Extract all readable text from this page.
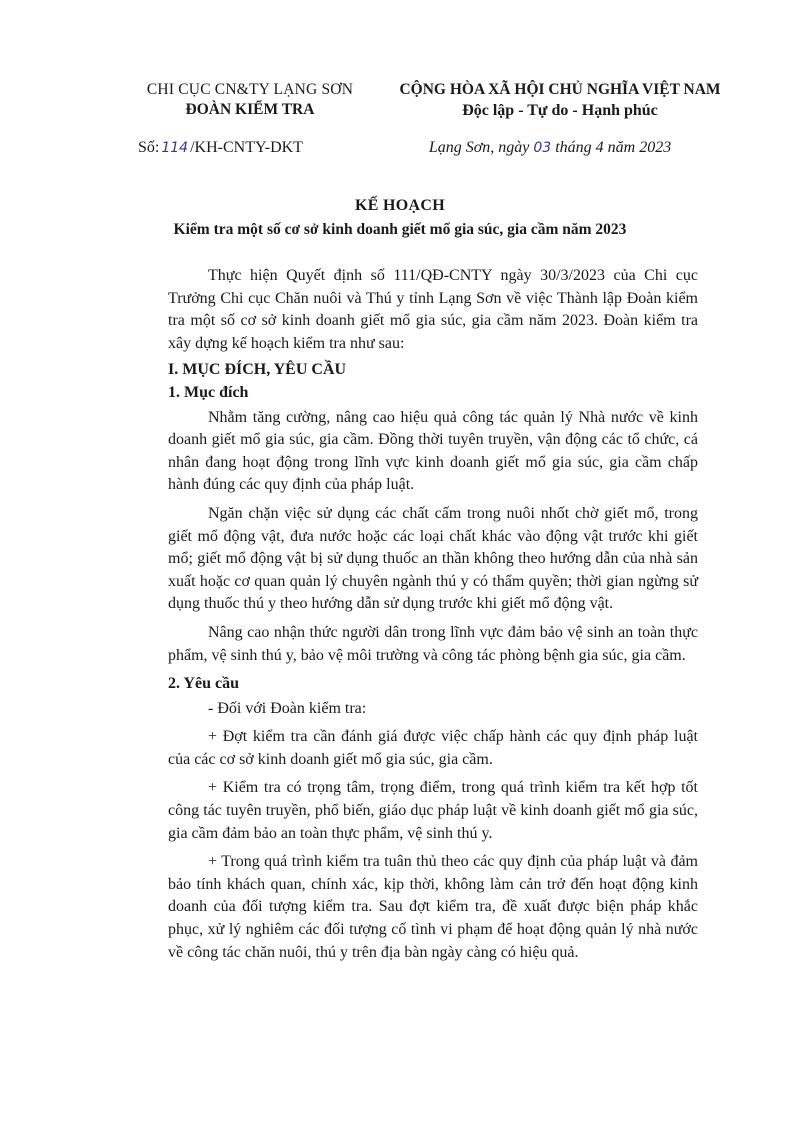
CHI CỤC CN&TY LẠNG SƠN
ĐOÀN KIỂM TRA
CỘNG HÒA XÃ HỘI CHỦ NGHĨA VIỆT NAM
Độc lập - Tự do - Hạnh phúc
Số: 114 /KH-CNTY-DKT	Lạng Sơn, ngày 03 tháng 4 năm 2023
KẾ HOẠCH
Kiểm tra một số cơ sở kinh doanh giết mổ gia súc, gia cầm năm 2023

Thực hiện Quyết định số 111/QĐ-CNTY ngày 30/3/2023 của Chi cục Trưởng Chi cục Chăn nuôi và Thú y tỉnh Lạng Sơn về việc Thành lập Đoàn kiểm tra một số cơ sở kinh doanh giết mổ gia súc, gia cầm năm 2023. Đoàn kiểm tra xây dựng kế hoạch kiểm tra như sau:

I. MỤC ĐÍCH, YÊU CẦU

1. Mục đích

Nhằm tăng cường, nâng cao hiệu quả công tác quản lý Nhà nước về kinh doanh giết mổ gia súc, gia cầm. Đồng thời tuyên truyền, vận động các tổ chức, cá nhân đang hoạt động trong lĩnh vực kinh doanh giết mổ gia súc, gia cầm chấp hành đúng các quy định của pháp luật.

Ngăn chặn việc sử dụng các chất cấm trong nuôi nhốt chờ giết mổ, trong giết mổ động vật, đưa nước hoặc các loại chất khác vào động vật trước khi giết mổ; giết mổ động vật bị sử dụng thuốc an thần không theo hướng dẫn của nhà sản xuất hoặc cơ quan quản lý chuyên ngành thú y có thẩm quyền; thời gian ngừng sử dụng thuốc thú y theo hướng dẫn sử dụng trước khi giết mổ động vật.

Nâng cao nhận thức người dân trong lĩnh vực đảm bảo vệ sinh an toàn thực phẩm, vệ sinh thú y, bảo vệ môi trường và công tác phòng bệnh gia súc, gia cầm.

2. Yêu cầu

- Đối với Đoàn kiểm tra:

+ Đợt kiểm tra cần đánh giá được việc chấp hành các quy định pháp luật của các cơ sở kinh doanh giết mổ gia súc, gia cầm.

+ Kiểm tra có trọng tâm, trọng điểm, trong quá trình kiểm tra kết hợp tốt công tác tuyên truyền, phổ biến, giáo dục pháp luật về kinh doanh giết mổ gia súc, gia cầm đảm bảo an toàn thực phẩm, vệ sinh thú y.

+ Trong quá trình kiểm tra tuân thủ theo các quy định của pháp luật và đảm bảo tính khách quan, chính xác, kịp thời, không làm cản trở đến hoạt động kinh doanh của đối tượng kiểm tra. Sau đợt kiểm tra, đề xuất được biện pháp khắc phục, xử lý nghiêm các đối tượng cố tình vi phạm để hoạt động quản lý nhà nước về công tác chăn nuôi, thú y trên địa bàn ngày càng có hiệu quả.
